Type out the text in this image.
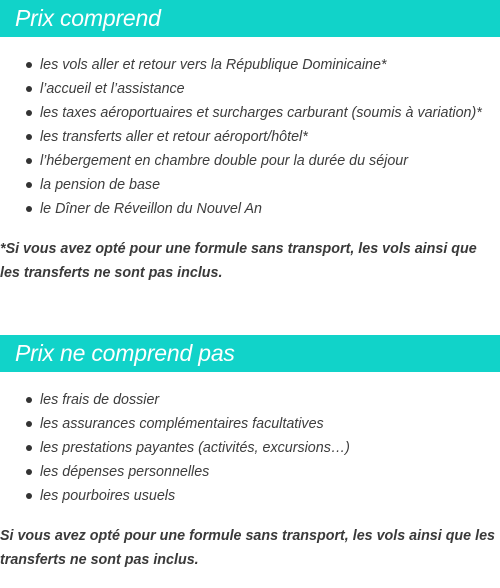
Prix comprend
les vols aller et retour vers la République Dominicaine*
l’accueil et l’assistance
les taxes aéroportuaires et surcharges carburant (soumis à variation)*
les transferts aller et retour aéroport/hôtel*
l’hébergement en chambre double pour la durée du séjour
la pension de base
le Dîner de Réveillon du Nouvel An
*Si vous avez opté pour une formule sans transport, les vols ainsi que les transferts ne sont pas inclus.
Prix ne comprend pas
les frais de dossier
les assurances complémentaires facultatives
les prestations payantes (activités, excursions…)
les dépenses personnelles
les pourboires usuels
Si vous avez opté pour une formule sans transport, les vols ainsi que les transferts ne sont pas inclus.
